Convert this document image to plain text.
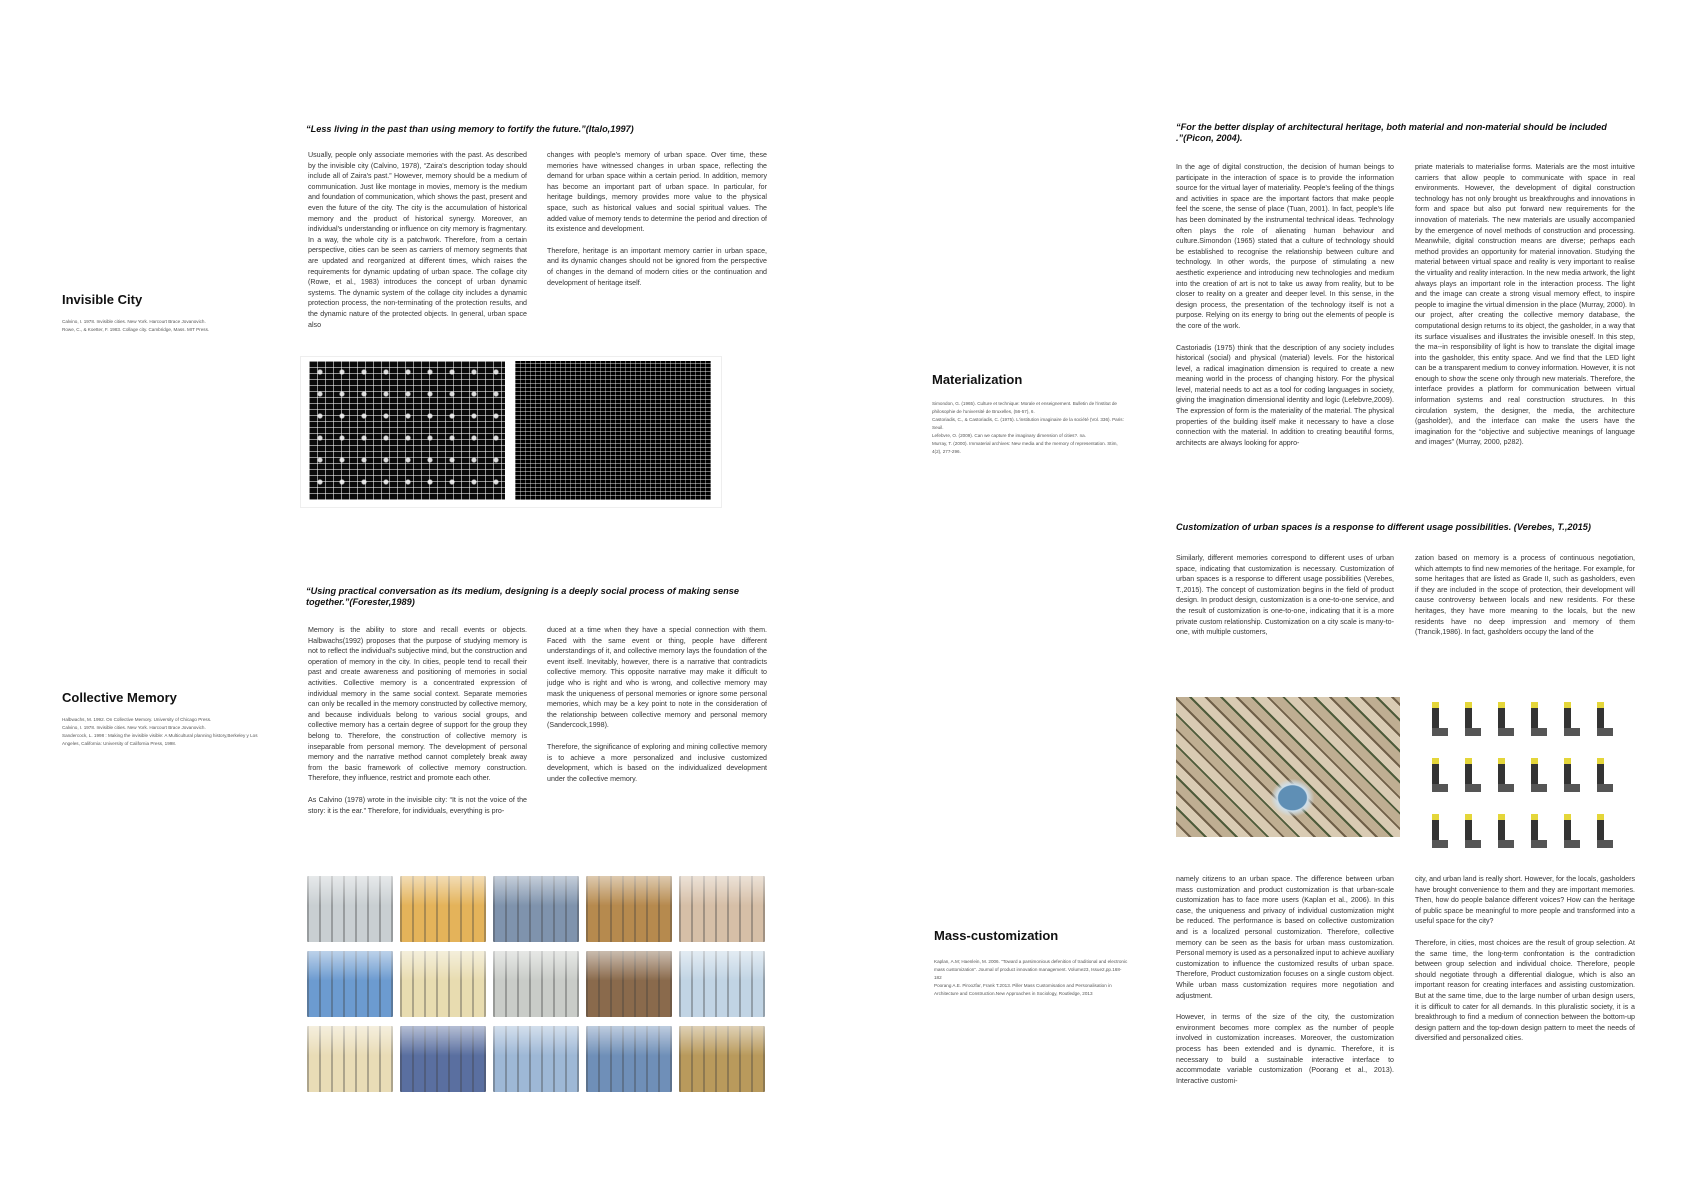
Invisible City
Calvino, I. 1978. Invisible cities. New York. Harcourt Brace Jovanovich.
Rowe, C., & Koetter, F. 1983. Collage city. Cambridge, Mass. MIT Press.
“Less living in the past than using memory to fortify the future.”(Italo,1997)

Usually, people only associate memories with the past. As described by the invisible city (Calvino, 1978), “Zaira's description today should include all of Zaira's past.” However, memory should be a medium of communication. Just like montage in movies, memory is the medium and foundation of communication, which shows the past, present and even the future of the city. The city is the accumulation of historical memory and the product of historical synergy. Moreover, an individual's understanding or influence on city memory is fragmentary. In a way, the whole city is a patchwork. Therefore, from a certain perspective, cities can be seen as carriers of memory segments that are updated and reorganized at different times, which raises the requirements for dynamic updating of urban space. The collage city (Rowe, et al., 1983) introduces the concept of urban dynamic systems. The dynamic system of the collage city includes a dynamic protection process, the non-terminating of the protection results, and the dynamic nature of the protected objects. In general, urban space also

changes with people's memory of urban space. Over time, these memories have witnessed changes in urban space, reflecting the demand for urban space within a certain period. In addition, memory has become an important part of urban space. In particular, for heritage buildings, memory provides more value to the physical space, such as historical values and social spiritual values. The added value of memory tends to determine the period and direction of its existence and development.

Therefore, heritage is an important memory carrier in urban space, and its dynamic changes should not be ignored from the perspective of changes in the demand of modern cities or the continuation and development of heritage itself.

Collective Memory
Halbwachs, M. 1992. On Collective Memory. University of Chicago Press.
Calvino, I. 1978. Invisible cities. New York. Harcourt Brace Jovanovich.
Sandercock, L. 1998 : Making the invisible visible: A Multicultural planning history,Berkeley y Los Angeles, California: University of California Press, 1998.
“Using practical conversation as its medium, designing is a deeply social process of making sense together.”(Forester,1989)

Memory is the ability to store and recall events or objects. Halbwachs(1992) proposes that the purpose of studying memory is not to reflect the individual's subjective mind, but the construction and operation of memory in the city. In cities, people tend to recall their past and create awareness and positioning of memories in social activities. Collective memory is a concentrated expression of individual memory in the same social context. Separate memories can only be recalled in the memory constructed by collective memory, and because individuals belong to various social groups, and collective memory has a certain degree of support for the group they belong to. Therefore, the construction of collective memory is inseparable from personal memory. The development of personal memory and the narrative method cannot completely break away from the basic framework of collective memory construction. Therefore, they influence, restrict and promote each other.

As Calvino (1978) wrote in the invisible city: “It is not the voice of the story: it is the ear.” Therefore, for individuals, everything is pro-

duced at a time when they have a special connection with them. Faced with the same event or thing, people have different understandings of it, and collective memory lays the foundation of the event itself. Inevitably, however, there is a narrative that contradicts collective memory. This opposite narrative may make it difficult to judge who is right and who is wrong, and collective memory may mask the uniqueness of personal memories or ignore some personal memories, which may be a key point to note in the consideration of the relationship between collective memory and personal memory (Sandercock,1998).

Therefore, the significance of exploring and mining collective memory is to achieve a more personalized and inclusive customized development, which is based on the individualized development under the collective memory.

“For the better display of architectural heritage, both material and non-material should be included .”(Picon, 2004).
Materialization
Simondon, G. (1965). Culture et technique: Morale et enseignement. Bulletin de l'institut de philosophie de l'université de Bruxelles, (56-57), 6.
Castoriadis, C., & Castoriadis, C. (1975). L'institution imaginaire de la société (Vol. 336). Paris: Seuil.
Lefebvre, O. (2009). Can we capture the imaginary dimension of cities?. na.
Murray, T. (2000). Immaterial archives: New media and the memory of representation. Stim, 4(2), 277-296.

In the age of digital construction, the decision of human beings to participate in the interaction of space is to provide the information source for the virtual layer of materiality. People's feeling of the things and activities in space are the important factors that make people feel the scene, the sense of place (Tuan, 2001). In fact, people's life has been dominated by the instrumental technical ideas. Technology often plays the role of alienating human behaviour and culture.Simondon (1965) stated that a culture of technology should be established to recognise the relationship between culture and technology. In other words, the purpose of stimulating a new aesthetic experience and introducing new technologies and medium into the creation of art is not to take us away from reality, but to be closer to reality on a greater and deeper level. In this sense, in the design process, the presentation of the technology itself is not a purpose. Relying on its energy to bring out the elements of people is the core of the work.

Castoriadis (1975) think that the description of any society includes historical (social) and physical (material) levels. For the historical level, a radical imagination dimension is required to create a new meaning world in the process of changing history. For the physical level, material needs to act as a tool for coding languages in society, giving the imagination dimensional identity and logic (Lefebvre,2009). The expression of form is the materiality of the material. The physical properties of the building itself make it necessary to have a close connection with the material. In addition to creating beautiful forms, architects are always looking for appro-

priate materials to materialise forms. Materials are the most intuitive carriers that allow people to communicate with space in real environments. However, the development of digital construction technology has not only brought us breakthroughs and innovations in form and space but also put forward new requirements for the innovation of materials. The new materials are usually accompanied by the emergence of novel methods of construction and processing. Meanwhile, digital construction means are diverse; perhaps each method provides an opportunity for material innovation. Studying the material between virtual space and reality is very important to realise the virtuality and reality interaction. In the new media artwork, the light always plays an important role in the interaction process. The light and the image can create a strong visual memory effect, to inspire people to imagine the virtual dimension in the place (Murray, 2000). In our project, after creating the collective memory database, the computational design returns to its object, the gasholder, in a way that its surface visualises and illustrates the invisible oneself. In this step, the ma--in responsibility of light is how to translate the digital image into the gasholder, this entity space. And we find that the LED light can be a transparent medium to convey information. However, it is not enough to show the scene only through new materials. Therefore, the interface provides a platform for communication between virtual information systems and real construction structures. In this circulation system, the designer, the media, the architecture (gasholder), and the interface can make the users have the imagination for the “objective and subjective meanings of language and images” (Murray, 2000, p282).

Customization of urban spaces is a response to different usage possibilities. (Verebes, T.,2015)

Similarly, different memories correspond to different uses of urban space, indicating that customization is necessary. Customization of urban spaces is a response to different usage possibilities (Verebes, T.,2015). The concept of customization begins in the field of product design. In product design, customization is a one-to-one service, and the result of customization is one-to-one, indicating that it is a more private custom relationship. Customization on a city scale is many-to-one, with multiple customers,

zation based on memory is a process of continuous negotiation, which attempts to find new memories of the heritage. For example, for some heritages that are listed as Grade II, such as gasholders, even if they are included in the scope of protection, their development will cause controversy between locals and new residents. For these heritages, they have more meaning to the locals, but the new residents have no deep impression and memory of them (Trancik,1986). In fact, gasholders occupy the land of the

Mass-customization
Kaplan, A.M; Haenlein, M. 2006. “Toward a parsimonious defenition of traditional and electronic mass customization”. Journal of product innovation management. Volume23, Issue2,pp.168-182
Poorang A.E. Piroozfar, Frank T.2013. Piller Mass Customisation and Personalisation in Architecture and Construction.New Approaches in Sociology, Routledge, 2013

namely citizens to an urban space. The difference between urban mass customization and product customization is that urban-scale customization has to face more users (Kaplan et al., 2006). In this case, the uniqueness and privacy of individual customization might be reduced. The performance is based on collective customization and is a localized personal customization. Therefore, collective memory can be seen as the basis for urban mass customization. Personal memory is used as a personalized input to achieve auxiliary customization to influence the customized results of urban space. Therefore, Product customization focuses on a single custom object. While urban mass customization requires more negotiation and adjustment.

However, in terms of the size of the city, the customization environment becomes more complex as the number of people involved in customization increases. Moreover, the customization process has been extended and is dynamic. Therefore, it is necessary to build a sustainable interactive interface to accommodate variable customization (Poorang et al., 2013). Interactive customi-

city, and urban land is really short. However, for the locals, gasholders have brought convenience to them and they are important memories. Then, how do people balance different voices? How can the heritage of public space be meaningful to more people and transformed into a useful space for the city?

Therefore, in cities, most choices are the result of group selection. At the same time, the long-term confrontation is the contradiction between group selection and individual choice. Therefore, people should negotiate through a differential dialogue, which is also an important reason for creating interfaces and assisting customization. But at the same time, due to the large number of urban design users, it is difficult to cater for all demands. In this pluralistic society, it is a breakthrough to find a medium of connection between the bottom-up design pattern and the top-down design pattern to meet the needs of diversified and personalized cities.
